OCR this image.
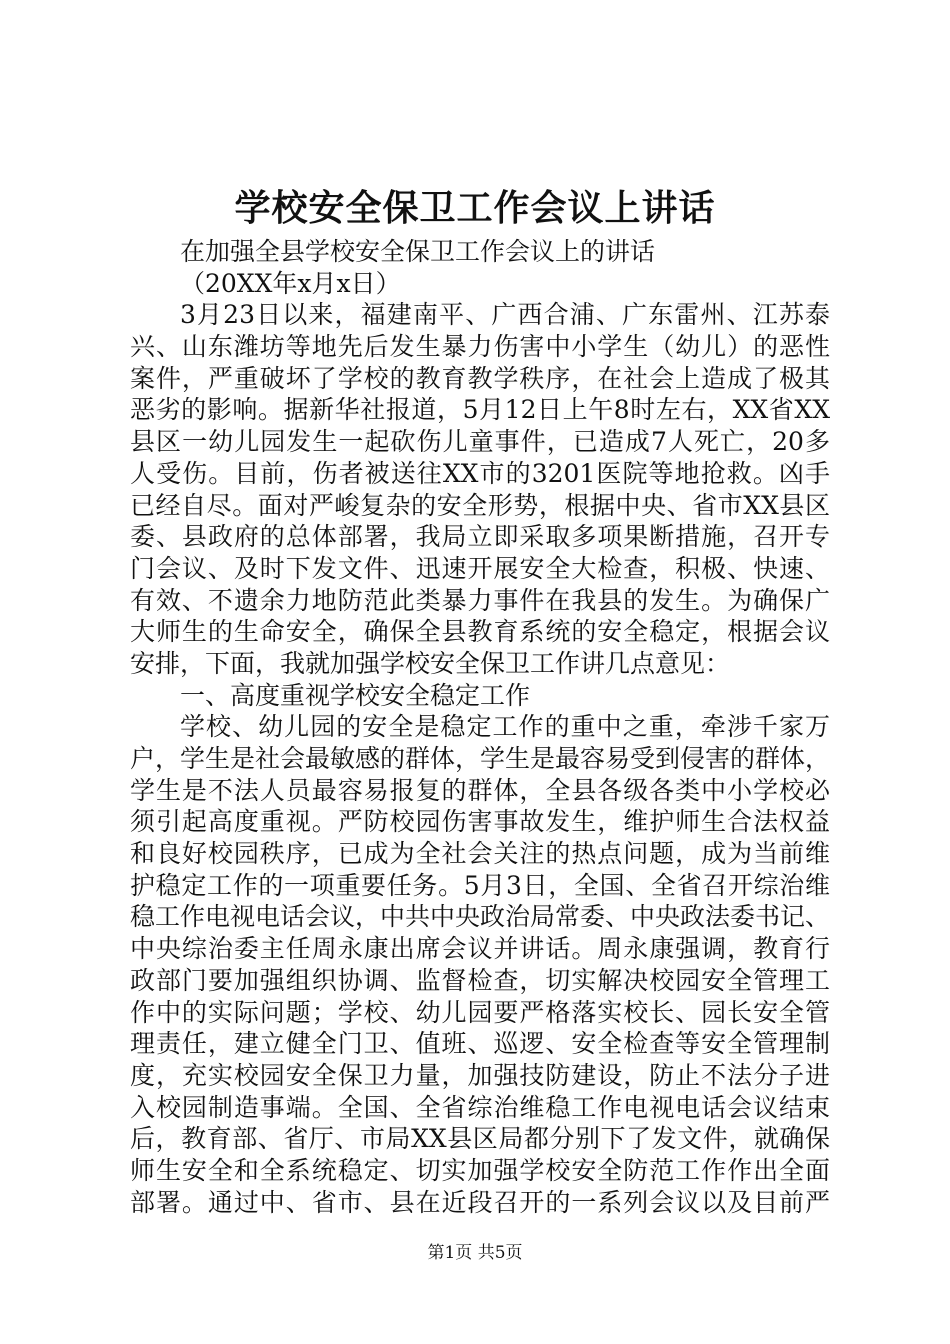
学校安全保卫工作会议上讲话
在加强全县学校安全保卫工作会议上的讲话
（20XX年x月x日）
3月23日以来，福建南平、广西合浦、广东雷州、江苏泰
兴、山东潍坊等地先后发生暴力伤害中小学生（幼儿）的恶性
案件，严重破坏了学校的教育教学秩序，在社会上造成了极其
恶劣的影响。据新华社报道，5月12日上午8时左右，XX省XX
县区一幼儿园发生一起砍伤儿童事件，已造成7人死亡，20多
人受伤。目前，伤者被送往XX市的3201医院等地抢救。凶手
已经自尽。面对严峻复杂的安全形势，根据中央、省市XX县区
委、县政府的总体部署，我局立即采取多项果断措施，召开专
门会议、及时下发文件、迅速开展安全大检查，积极、快速、
有效、不遗余力地防范此类暴力事件在我县的发生。为确保广
大师生的生命安全，确保全县教育系统的安全稳定，根据会议
安排，下面，我就加强学校安全保卫工作讲几点意见：
一、高度重视学校安全稳定工作
学校、幼儿园的安全是稳定工作的重中之重，牵涉千家万
户，学生是社会最敏感的群体，学生是最容易受到侵害的群体，
学生是不法人员最容易报复的群体，全县各级各类中小学校必
须引起高度重视。严防校园伤害事故发生，维护师生合法权益
和良好校园秩序，已成为全社会关注的热点问题，成为当前维
护稳定工作的一项重要任务。5月3日，全国、全省召开综治维
稳工作电视电话会议，中共中央政治局常委、中央政法委书记、
中央综治委主任周永康出席会议并讲话。周永康强调，教育行
政部门要加强组织协调、监督检查，切实解决校园安全管理工
作中的实际问题；学校、幼儿园要严格落实校长、园长安全管
理责任，建立健全门卫、值班、巡逻、安全检查等安全管理制
度，充实校园安全保卫力量，加强技防建设，防止不法分子进
入校园制造事端。全国、全省综治维稳工作电视电话会议结束
后，教育部、省厅、市局XX县区局都分别下了发文件，就确保
师生安全和全系统稳定、切实加强学校安全防范工作作出全面
部署。通过中、省市、县在近段召开的一系列会议以及目前严
第1页 共5页
